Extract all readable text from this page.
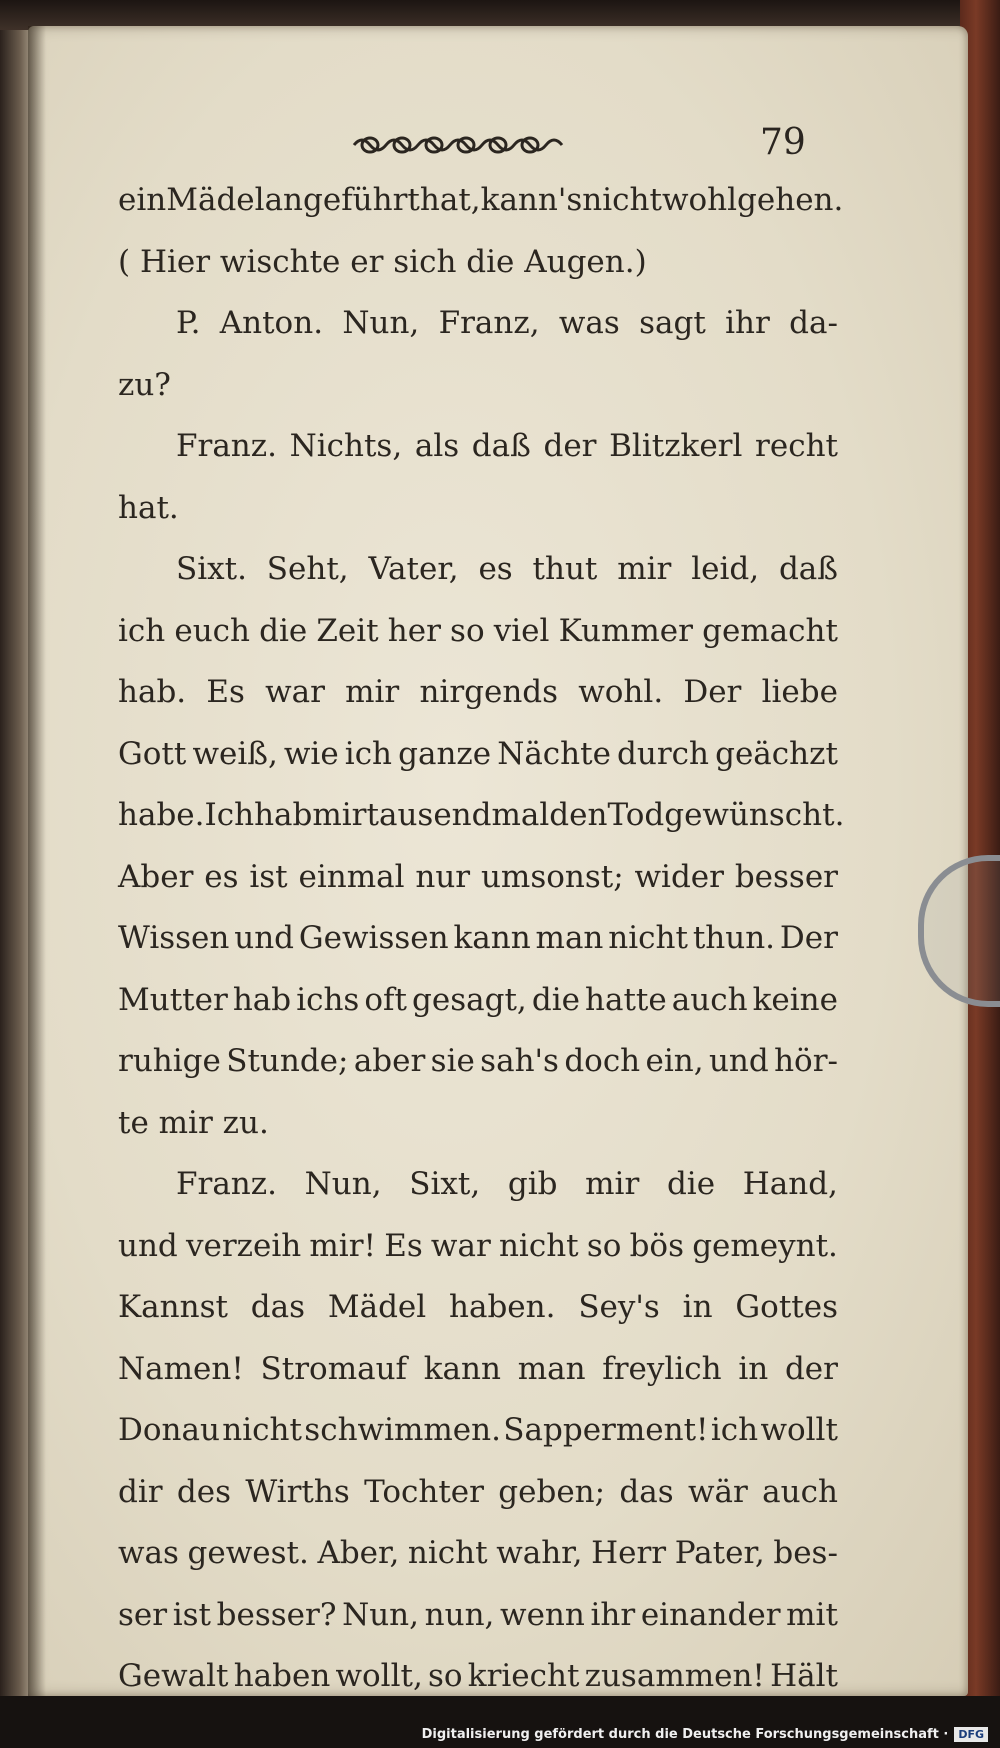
79
ein Mädel angeführt hat, kann's nicht wohl gehen.
( Hier wischte er sich die Augen.)
P. Anton. Nun, Franz, was sagt ihr da-
zu?
Franz. Nichts, als daß der Blitzkerl recht
hat.
Sixt. Seht, Vater, es thut mir leid, daß
ich euch die Zeit her so viel Kummer gemacht
hab. Es war mir nirgends wohl. Der liebe
Gott weiß, wie ich ganze Nächte durch geächzt
habe. Ich hab mir tausendmal den Tod gewünscht.
Aber es ist einmal nur umsonst; wider besser
Wissen und Gewissen kann man nicht thun. Der
Mutter hab ichs oft gesagt, die hatte auch keine
ruhige Stunde; aber sie sah's doch ein, und hör-
te mir zu.
Franz. Nun, Sixt, gib mir die Hand,
und verzeih mir! Es war nicht so bös gemeynt.
Kannst das Mädel haben. Sey's in Gottes
Namen! Stromauf kann man freylich in der
Donau nicht schwimmen. Sapperment! ich wollt
dir des Wirths Tochter geben; das wär auch
was gewest. Aber, nicht wahr, Herr Pater, bes-
ser ist besser? Nun, nun, wenn ihr einander mit
Gewalt haben wollt, so kriecht zusammen! Hält
Digitalisierung gefördert durch die Deutsche Forschungsgemeinschaft · DFG
